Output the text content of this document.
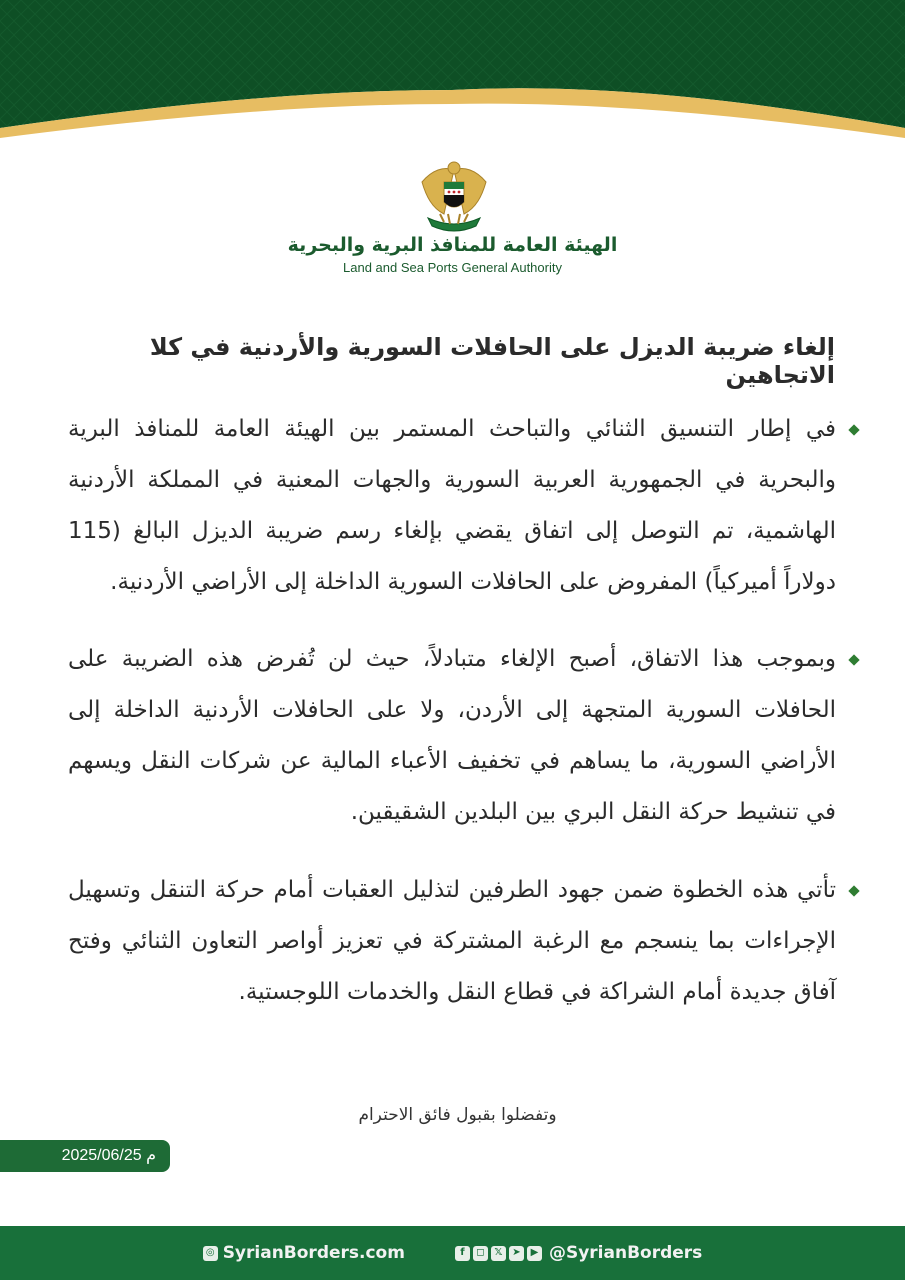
الهيئة العامة للمنافذ البرية والبحرية
Land and Sea Ports General Authority
إلغاء ضريبة الديزل على الحافلات السورية والأردنية في كلا الاتجاهين
في إطار التنسيق الثنائي والتباحث المستمر بين الهيئة العامة للمنافذ البرية والبحرية في الجمهورية العربية السورية والجهات المعنية في المملكة الأردنية الهاشمية، تم التوصل إلى اتفاق يقضي بإلغاء رسم ضريبة الديزل البالغ (115 دولاراً أميركياً) المفروض على الحافلات السورية الداخلة إلى الأراضي الأردنية.
وبموجب هذا الاتفاق، أصبح الإلغاء متبادلاً، حيث لن تُفرض هذه الضريبة على الحافلات السورية المتجهة إلى الأردن، ولا على الحافلات الأردنية الداخلة إلى الأراضي السورية، ما يساهم في تخفيف الأعباء المالية عن شركات النقل ويسهم في تنشيط حركة النقل البري بين البلدين الشقيقين.
تأتي هذه الخطوة ضمن جهود الطرفين لتذليل العقبات أمام حركة التنقل وتسهيل الإجراءات بما ينسجم مع الرغبة المشتركة في تعزيز أواصر التعاون الثنائي وفتح آفاق جديدة أمام الشراكة في قطاع النقل والخدمات اللوجستية.
وتفضلوا بقبول فائق الاحترام
2025/06/25 م
◎ SyrianBorders.com	f	◻ 𝕏 ➤ ▶ @SyrianBorders
